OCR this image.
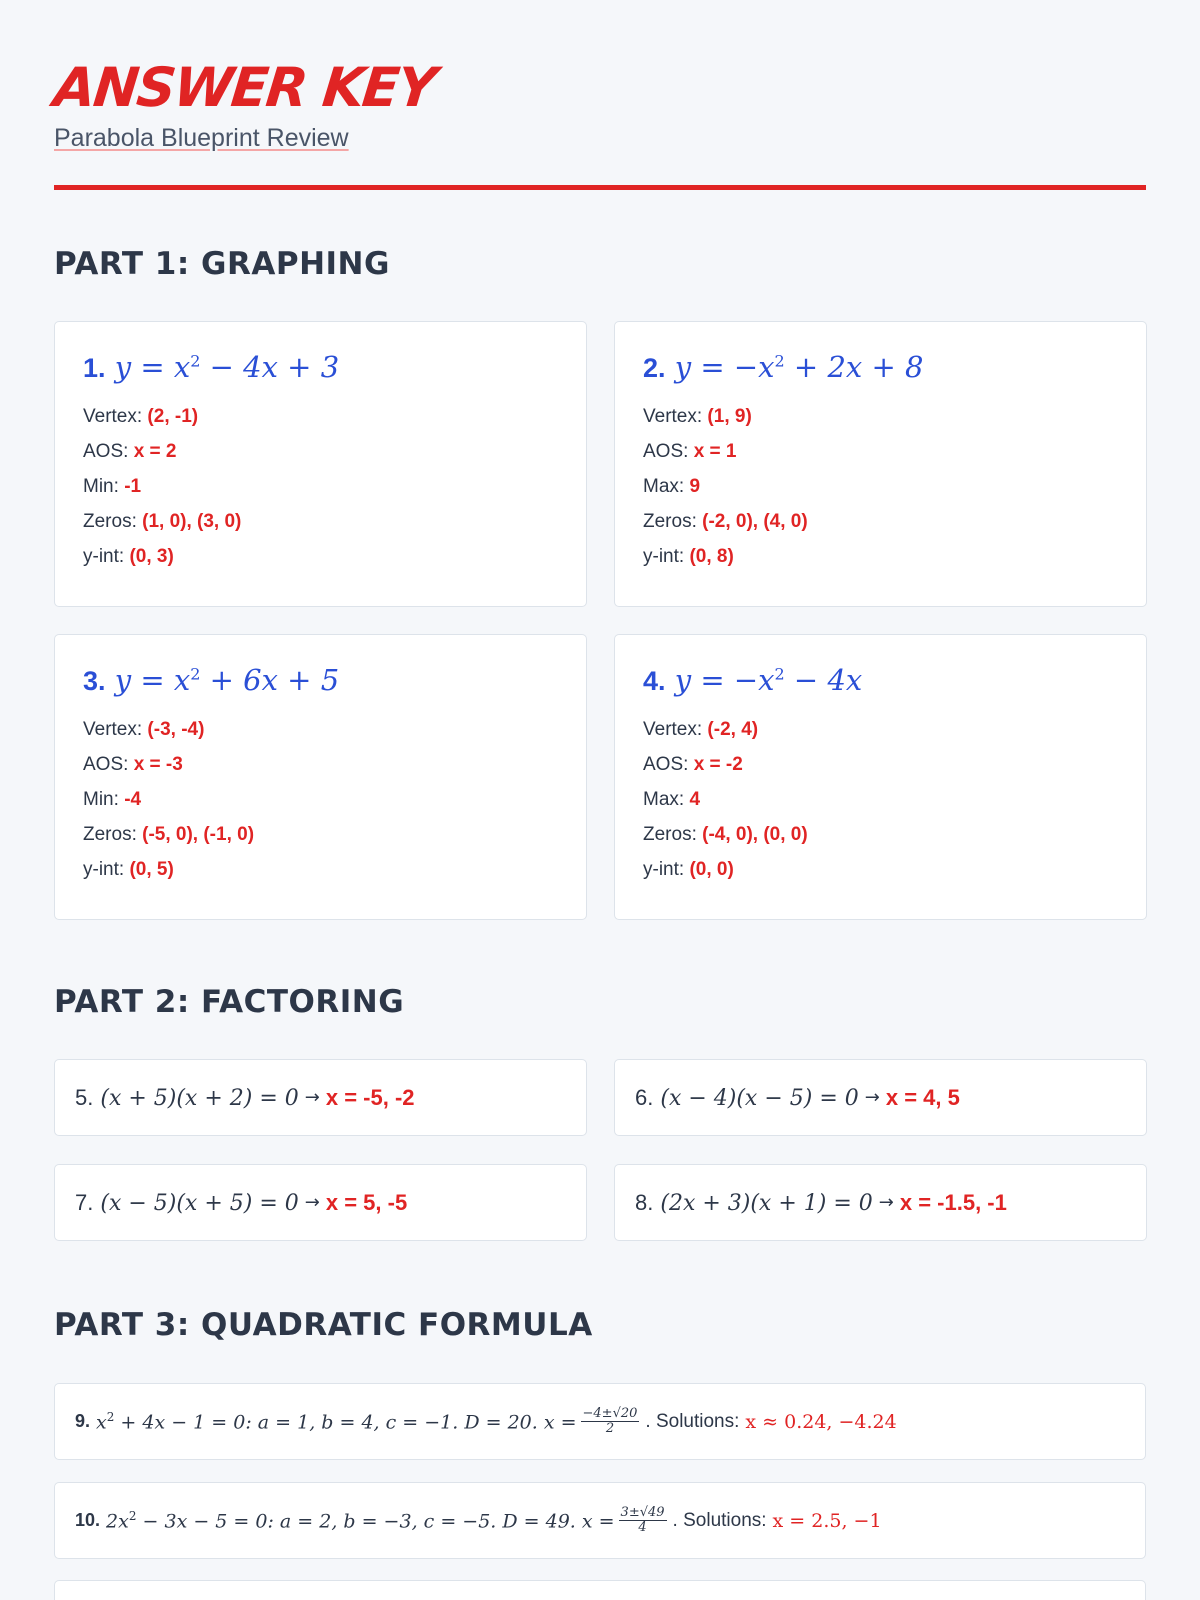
ANSWER KEY
Parabola Blueprint Review
PART 1: GRAPHING
1. $y = x^2 - 4x + 3$
Vertex: (2, -1)
AOS: x = 2
Min: -1
Zeros: (1, 0), (3, 0)
y-int: (0, 3)
2. $y = -x^2 + 2x + 8$
Vertex: (1, 9)
AOS: x = 1
Max: 9
Zeros: (-2, 0), (4, 0)
y-int: (0, 8)
3. $y = x^2 + 6x + 5$
Vertex: (-3, -4)
AOS: x = -3
Min: -4
Zeros: (-5, 0), (-1, 0)
y-int: (0, 5)
4. $y = -x^2 - 4x$
Vertex: (-2, 4)
AOS: x = -2
Max: 4
Zeros: (-4, 0), (0, 0)
y-int: (0, 0)
PART 2: FACTORING
5. (x + 5)(x + 2) = 0 → x = -5, -2	6. (x − 4)(x − 5) = 0 → x = 4, 5
7. (x − 5)(x + 5) = 0 → x = 5, -5	8. (2x + 3)(x + 1) = 0 → x = -1.5, -1
PART 3: QUADRATIC FORMULA
9. $x^2 + 4x - 1 = 0$: a = 1, b = 4, c = −1. D = 20. $x = \frac{-4\pm√20}{2}$ . Solutions: x ≈ 0.24, −4.24
10. $2x^2 - 3x - 5 = 0$: a = 2, b = −3, c = −5. D = 49. $x = \frac{3\pm√49}{4}$ . Solutions: x = 2.5, −1
